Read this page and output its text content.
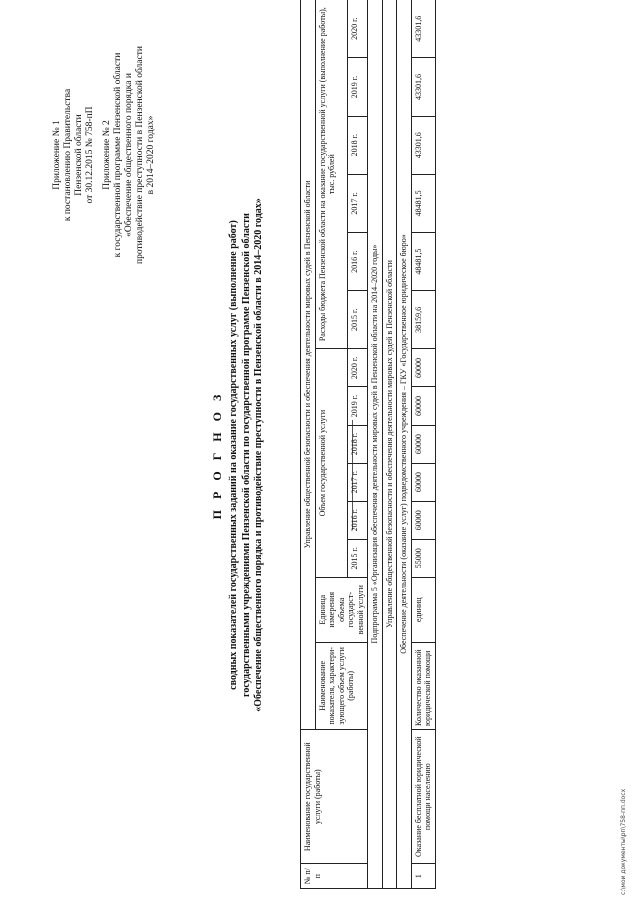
Приложение № 1 к постановлению Правительства Пензенской области от 30.12.2015 № 758-пП Приложение № 2 к государственной программе Пензенской области «Обеспечение общественного порядка и противодействие преступности в Пензенской области в 2014–2020 годах»
П Р О Г Н О З сводных показателей государственных заданий на оказание государственных услуг (выполнение работ) государственными учреждениями Пензенской области по государственной программе Пензенской области «Обеспечение общественного порядка и противодействие преступности в Пензенской области в 2014–2020 годах»
№ п/п	Наименование государственной услуги (работы)	Управление общественной безопасности и обеспечения деятельности мировых судей в Пензенской области													
		Наименование показателя, характери-зующего объем услуги (работы)	Единица измерения объема государст-венной услуги	Объем государственной услуги						Расходы бюджета Пензенской области на оказание государственной услуги (выполнение работы), тыс. рублей					
				2015 г.	2016 г.	2017 г.	2018 г.	2019 г.	2020 г.	2015 г.	2016 г.	2017 г.	2018 г.	2019 г.	2020 г.
Подпрограмма 5 «Организация обеспечения деятельности мировых судей в Пензенской области на 2014–2020 годы»															
Управление общественной безопасности и обеспечения деятельности мировых судей в Пензенской области															
Обеспечение деятельности (оказание услуг) подведомственного учреждения – ГКУ «Государственное юридическое бюро»															
1	Оказание бесплатной юридической помощи населению	Количество оказанной юридической помощи	единиц	55000	60000	60000	60000	60000	60000	38159,6	48481,5	48481,5	43301,6	43301,6	43301,6
c:\мои документы\рп\758-пп.docx
